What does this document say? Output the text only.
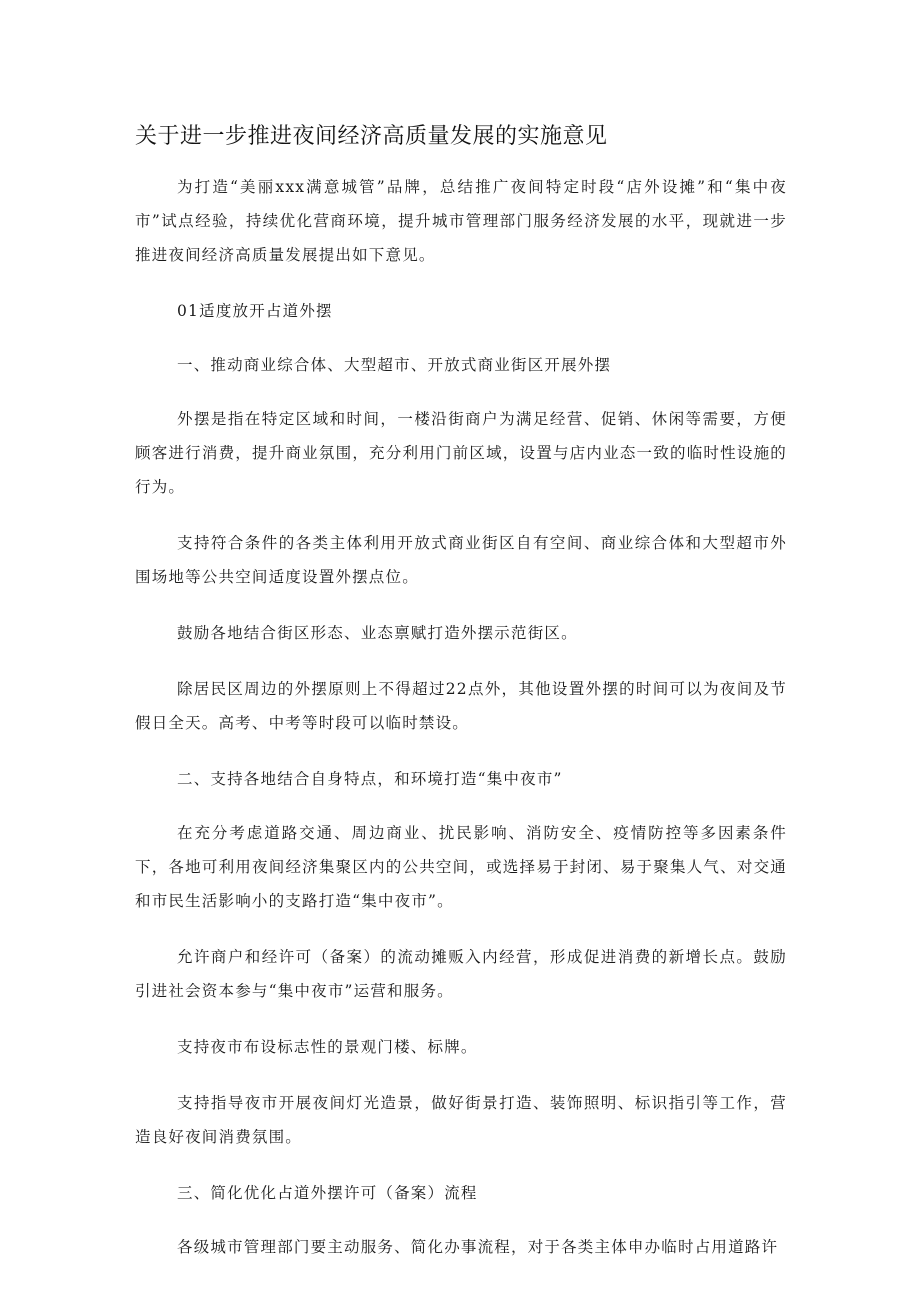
关于进一步推进夜间经济高质量发展的实施意见

为打造“美丽xxx满意城管”品牌，总结推广夜间特定时段“店外设摊”和“集中夜市”试点经验，持续优化营商环境，提升城市管理部门服务经济发展的水平，现就进一步推进夜间经济高质量发展提出如下意见。

01适度放开占道外摆

一、推动商业综合体、大型超市、开放式商业街区开展外摆

外摆是指在特定区域和时间，一楼沿街商户为满足经营、促销、休闲等需要，方便顾客进行消费，提升商业氛围，充分利用门前区域，设置与店内业态一致的临时性设施的行为。

支持符合条件的各类主体利用开放式商业街区自有空间、商业综合体和大型超市外围场地等公共空间适度设置外摆点位。

鼓励各地结合街区形态、业态禀赋打造外摆示范街区。

除居民区周边的外摆原则上不得超过22点外，其他设置外摆的时间可以为夜间及节假日全天。高考、中考等时段可以临时禁设。

二、支持各地结合自身特点，和环境打造“集中夜市”

在充分考虑道路交通、周边商业、扰民影响、消防安全、疫情防控等多因素条件下，各地可利用夜间经济集聚区内的公共空间，或选择易于封闭、易于聚集人气、对交通和市民生活影响小的支路打造“集中夜市”。

允许商户和经许可（备案）的流动摊贩入内经营，形成促进消费的新增长点。鼓励引进社会资本参与“集中夜市”运营和服务。

支持夜市布设标志性的景观门楼、标牌。

支持指导夜市开展夜间灯光造景，做好街景打造、装饰照明、标识指引等工作，营造良好夜间消费氛围。

三、简化优化占道外摆许可（备案）流程

各级城市管理部门要主动服务、简化办事流程，对于各类主体申办临时占用道路许
